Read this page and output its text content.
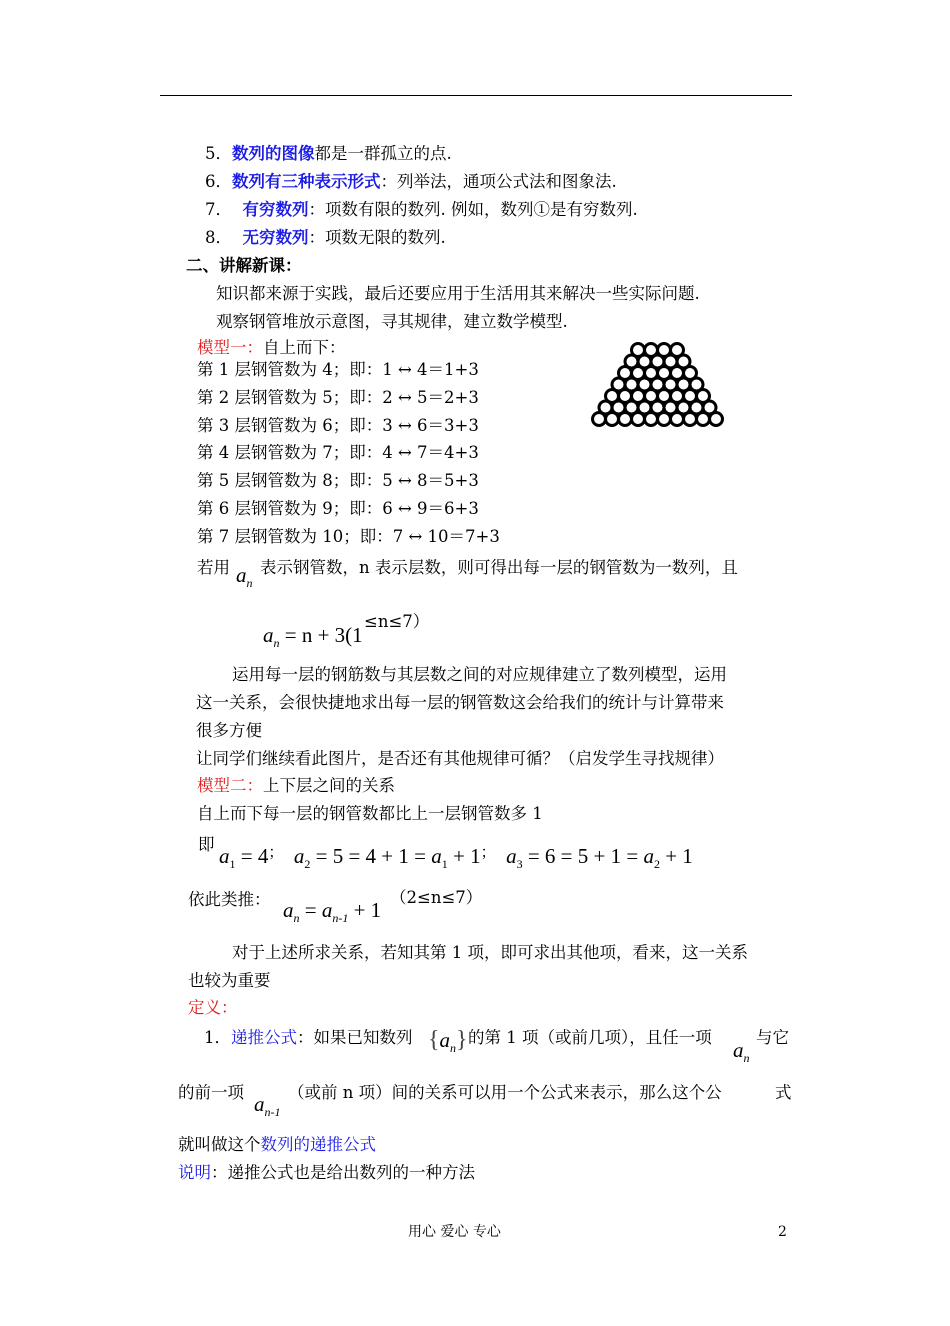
5．数列的图像都是一群孤立的点.
6．数列有三种表示形式：列举法，通项公式法和图象法.
7． 有穷数列：项数有限的数列. 例如，数列①是有穷数列.
8． 无穷数列：项数无限的数列.
二、讲解新课：
知识都来源于实践，最后还要应用于生活用其来解决一些实际问题.
观察钢管堆放示意图，寻其规律，建立数学模型.
模型一：自上而下：
第 1 层钢管数为 4；即：1 ↔ 4＝1+3
第 2 层钢管数为 5；即：2 ↔ 5＝2+3
第 3 层钢管数为 6；即：3 ↔ 6＝3+3
第 4 层钢管数为 7；即：4 ↔ 7＝4+3
第 5 层钢管数为 8；即：5 ↔ 8＝5+3
第 6 层钢管数为 9；即：6 ↔ 9＝6+3
第 7 层钢管数为 10；即：7 ↔ 10＝7+3
若用 $a_n$
表示钢管数，n 表示层数，则可得出每一层的钢管数为一数列，且
$a_n = n + 3(1$
≤n≤7）
运用每一层的钢筋数与其层数之间的对应规律建立了数列模型，运用
这一关系，会很快捷地求出每一层的钢管数这会给我们的统计与计算带来
很多方便
让同学们继续看此图片，是否还有其他规律可循？（启发学生寻找规律）
模型二：上下层之间的关系
自上而下每一层的钢管数都比上一层钢管数多 1
即 $a_1 = 4^;$ $a_2 = 5 = 4 + 1 = a_1 + 1^;$ $a_3 = 6 = 5 + 1 = a_2 + 1$
依此类推： $a_n = a_{n-1} + 1$
（2≤n≤7）
对于上述所求关系，若知其第 1 项，即可求出其他项，看来，这一关系
也较为重要
定义：
1．递推公式：如果已知数列 $\{a_n\}$ 的第 1 项（或前几项），且任一项
$a_n$
与它
的前一项 $a_{n-1}$
（或前 n 项）间的关系可以用一个公式来表示，那么这个公	式
就叫做这个数列的递推公式
说明：递推公式也是给出数列的一种方法
用心 爱心 专心	2
